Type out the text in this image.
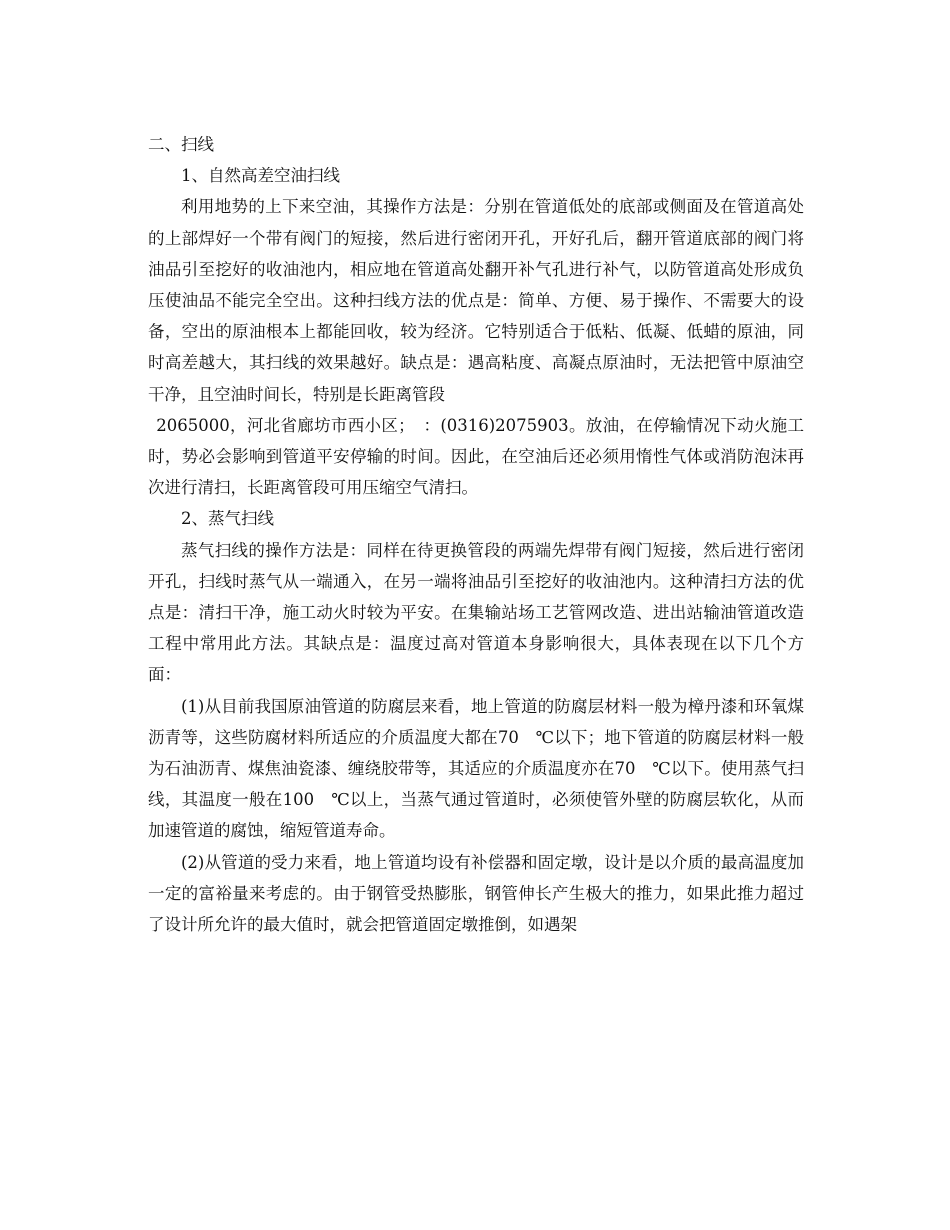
二、扫线

1、自然高差空油扫线

利用地势的上下来空油，其操作方法是：分别在管道低处的底部或侧面及在管道高处的上部焊好一个带有阀门的短接，然后进行密闭开孔，开好孔后，翻开管道底部的阀门将油品引至挖好的收油池内，相应地在管道高处翻开补气孔进行补气，以防管道高处形成负压使油品不能完全空出。这种扫线方法的优点是：简单、方便、易于操作、不需要大的设备，空出的原油根本上都能回收，较为经济。它特别适合于低粘、低凝、低蜡的原油，同时高差越大，其扫线的效果越好。缺点是：遇高粘度、高凝点原油时，无法把管中原油空干净，且空油时间长，特别是长距离管段

2065000，河北省廊坊市西小区；　：(0316)2075903。放油，在停输情况下动火施工时，势必会影响到管道平安停输的时间。因此，在空油后还必须用惰性气体或消防泡沫再次进行清扫，长距离管段可用压缩空气清扫。

2、蒸气扫线

蒸气扫线的操作方法是：同样在待更换管段的两端先焊带有阀门短接，然后进行密闭开孔，扫线时蒸气从一端通入，在另一端将油品引至挖好的收油池内。这种清扫方法的优点是：清扫干净，施工动火时较为平安。在集输站场工艺管网改造、进出站输油管道改造工程中常用此方法。其缺点是：温度过高对管道本身影响很大，具体表现在以下几个方面：

(1)从目前我国原油管道的防腐层来看，地上管道的防腐层材料一般为樟丹漆和环氧煤沥青等，这些防腐材料所适应的介质温度大都在70　℃以下；地下管道的防腐层材料一般为石油沥青、煤焦油瓷漆、缠绕胶带等，其适应的介质温度亦在70　℃以下。使用蒸气扫线，其温度一般在100　℃以上，当蒸气通过管道时，必须使管外壁的防腐层软化，从而加速管道的腐蚀，缩短管道寿命。

(2)从管道的受力来看，地上管道均设有补偿器和固定墩，设计是以介质的最高温度加一定的富裕量来考虑的。由于钢管受热膨胀，钢管伸长产生极大的推力，如果此推力超过了设计所允许的最大值时，就会把管道固定墩推倒，如遇架
